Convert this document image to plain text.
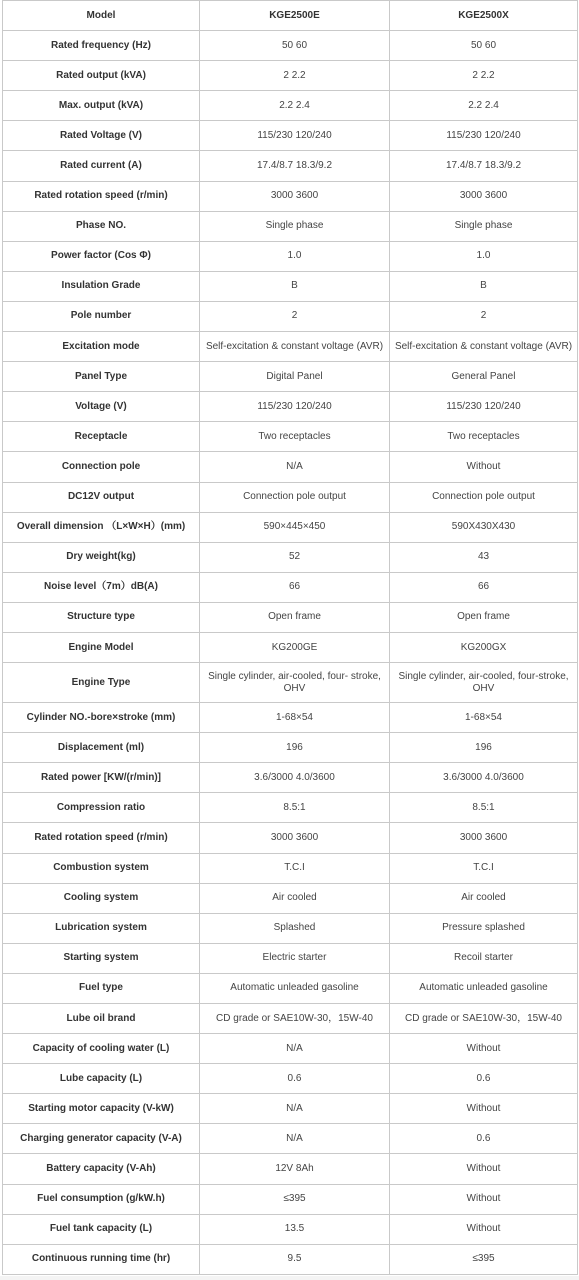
Model	KGE2500E	KGE2500X
Rated frequency (Hz)	50 60	50 60
Rated output (kVA)	2 2.2	2 2.2
Max. output (kVA)	2.2 2.4	2.2 2.4
Rated Voltage (V)	115/230 120/240	115/230 120/240
Rated current (A)	17.4/8.7 18.3/9.2	17.4/8.7 18.3/9.2
Rated rotation speed (r/min)	3000 3600	3000 3600
Phase NO.	Single phase	Single phase
Power factor (Cos Φ)	1.0	1.0
Insulation Grade	B	B
Pole number	2	2
Excitation mode	Self-excitation & constant voltage (AVR)	Self-excitation & constant voltage (AVR)
Panel Type	Digital Panel	General Panel
Voltage (V)	115/230 120/240	115/230 120/240
Receptacle	Two receptacles	Two receptacles
Connection pole	N/A	Without
DC12V output	Connection pole output	Connection pole output
Overall dimension （L×W×H）(mm)	590×445×450	590X430X430
Dry weight(kg)	52	43
Noise level（7m）dB(A)	66	66
Structure type	Open frame	Open frame
Engine Model	KG200GE	KG200GX
Engine Type	Single cylinder, air-cooled, four- stroke, OHV	Single cylinder, air-cooled, four-stroke, OHV
Cylinder NO.-bore×stroke (mm)	1-68×54	1-68×54
Displacement (ml)	196	196
Rated power [KW/(r/min)]	3.6/3000 4.0/3600	3.6/3000 4.0/3600
Compression ratio	8.5:1	8.5:1
Rated rotation speed (r/min)	3000 3600	3000 3600
Combustion system	T.C.I	T.C.I
Cooling system	Air cooled	Air cooled
Lubrication system	Splashed	Pressure splashed
Starting system	Electric starter	Recoil starter
Fuel type	Automatic unleaded gasoline	Automatic unleaded gasoline
Lube oil brand	CD grade or SAE10W-30，15W-40	CD grade or SAE10W-30，15W-40
Capacity of cooling water (L)	N/A	Without
Lube capacity (L)	0.6	0.6
Starting motor capacity (V-kW)	N/A	Without
Charging generator capacity (V-A)	N/A	0.6
Battery capacity (V-Ah)	12V 8Ah	Without
Fuel consumption (g/kW.h)	≤395	Without
Fuel tank capacity (L)	13.5	Without
Continuous running time (hr)	9.5	≤395
